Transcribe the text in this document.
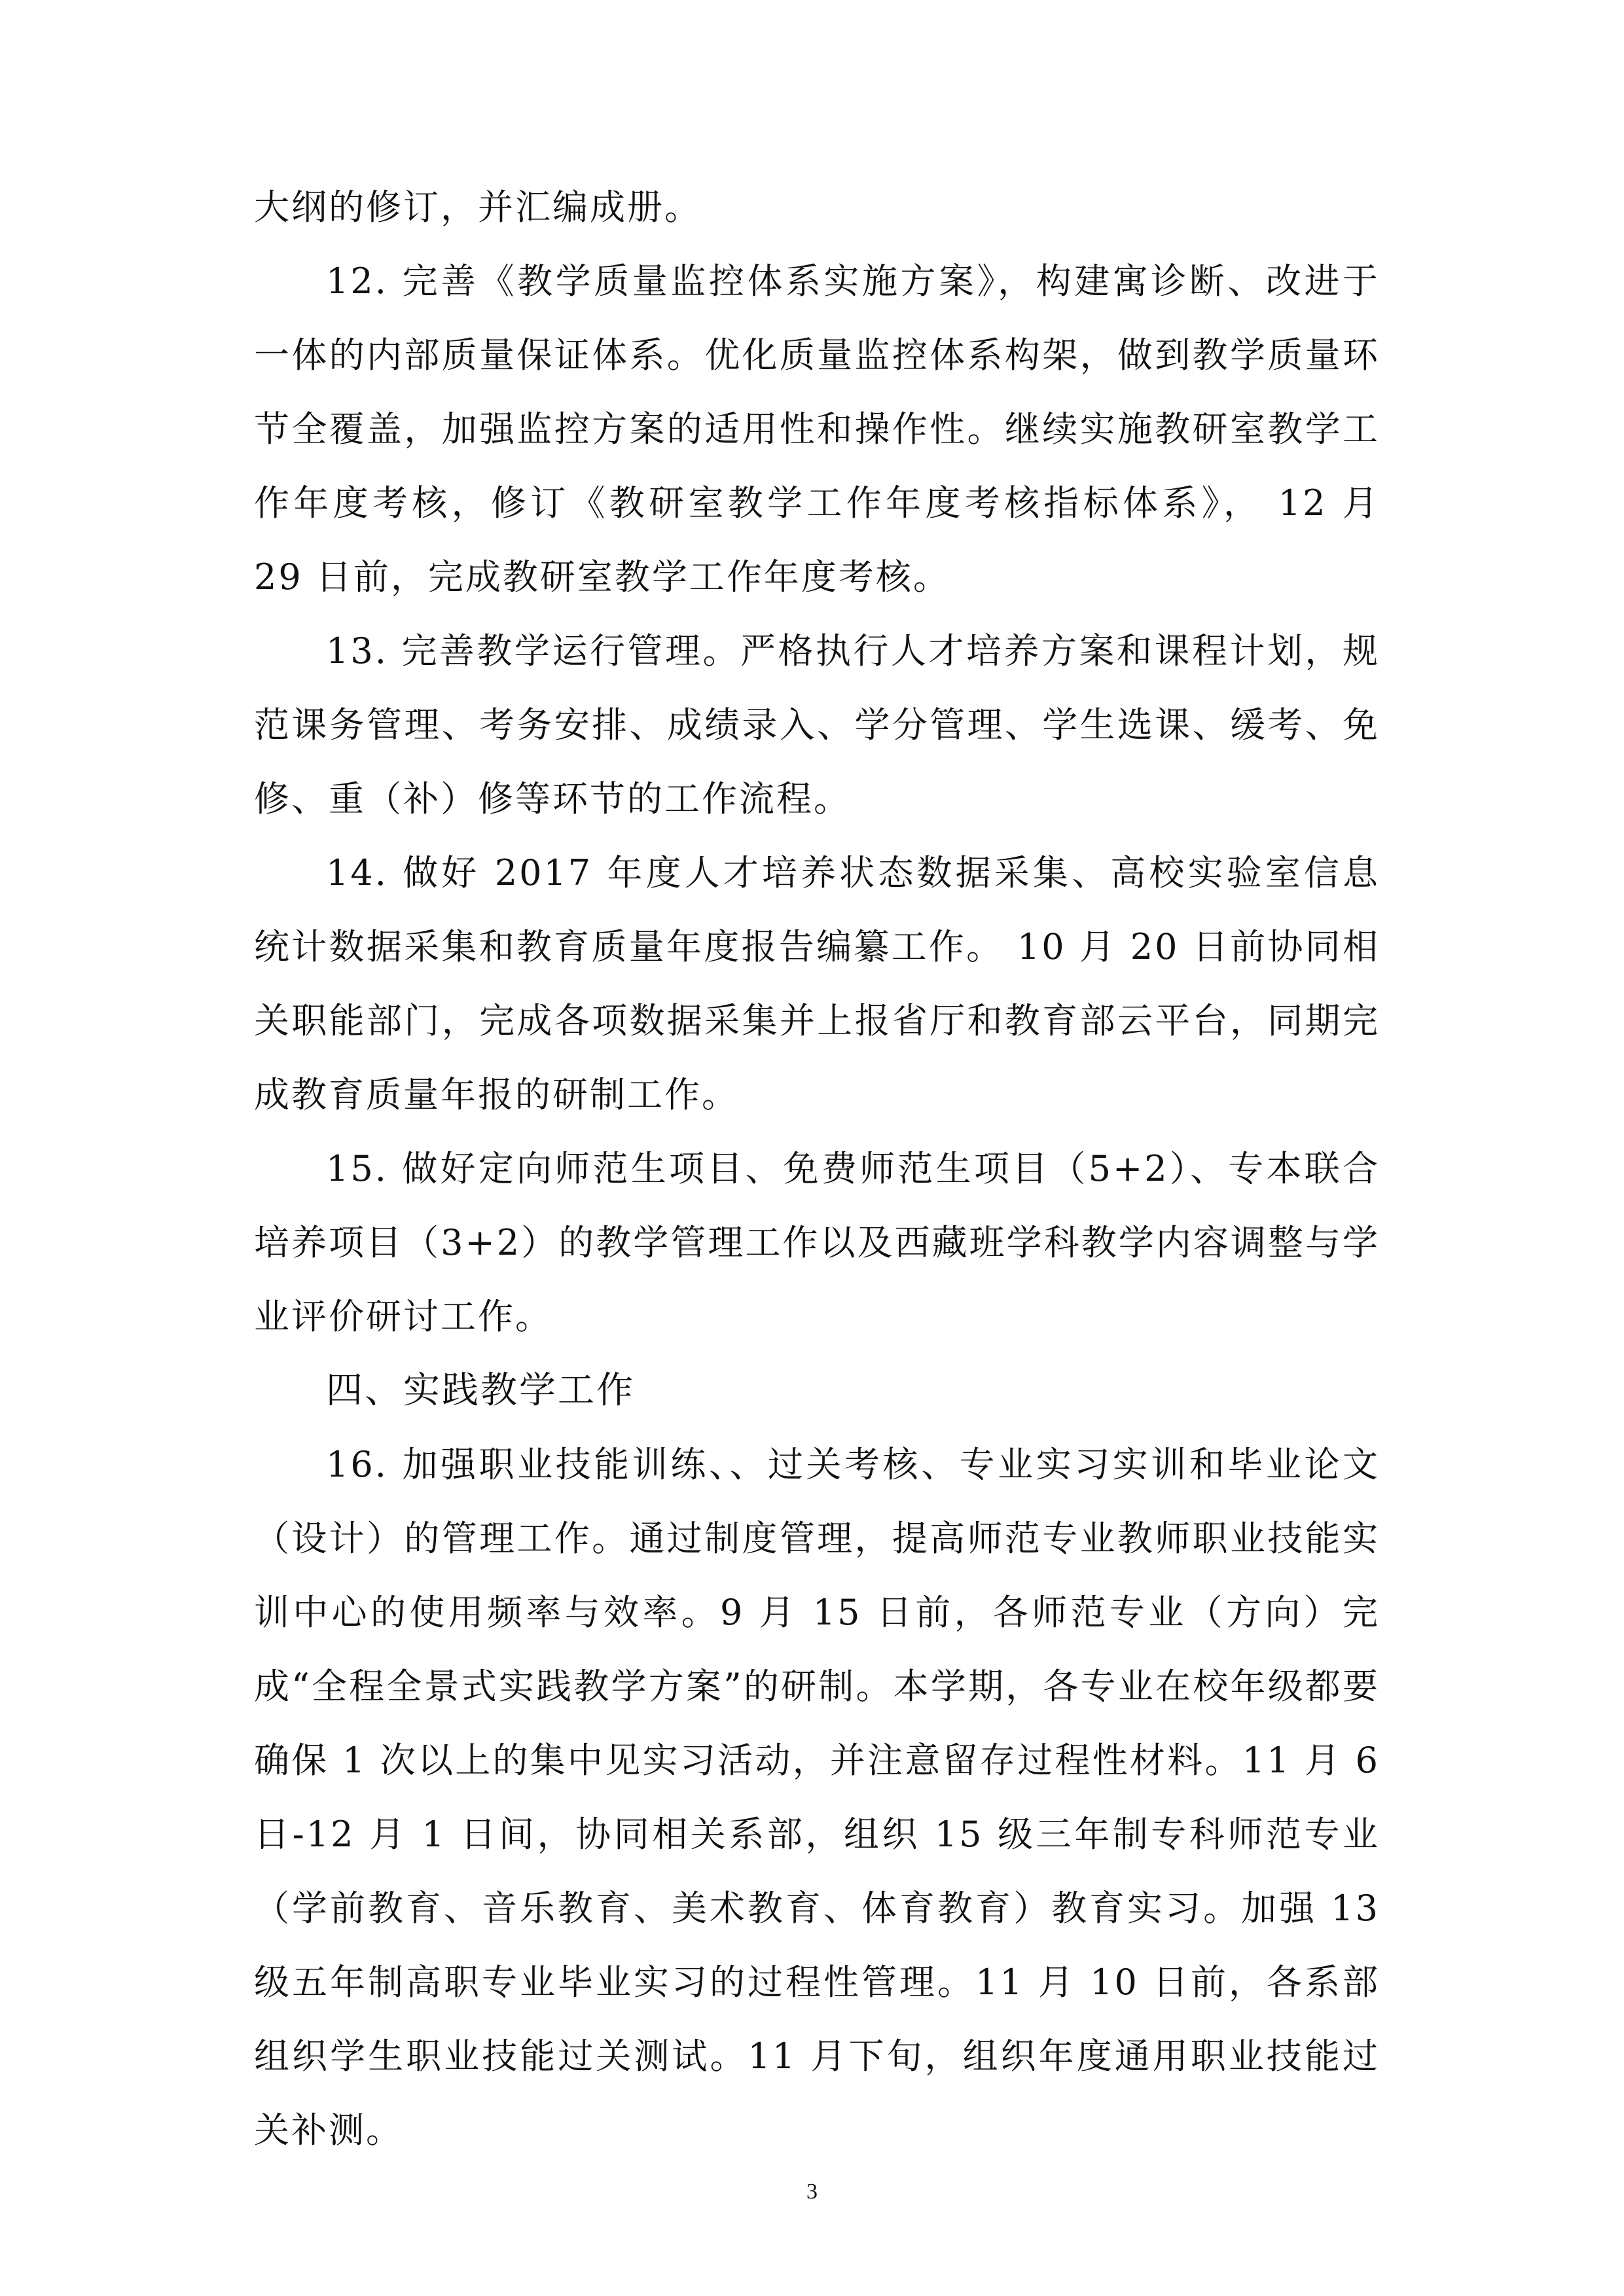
大纲的修订，并汇编成册。

12. 完善《教学质量监控体系实施方案》，构建寓诊断、改进于一体的内部质量保证体系。优化质量监控体系构架，做到教学质量环节全覆盖，加强监控方案的适用性和操作性。继续实施教研室教学工作年度考核，修订《教研室教学工作年度考核指标体系》， 12 月 29 日前，完成教研室教学工作年度考核。

13. 完善教学运行管理。严格执行人才培养方案和课程计划，规范课务管理、考务安排、成绩录入、学分管理、学生选课、缓考、免修、重（补）修等环节的工作流程。

14. 做好 2017 年度人才培养状态数据采集、高校实验室信息统计数据采集和教育质量年度报告编纂工作。 10 月 20 日前协同相关职能部门，完成各项数据采集并上报省厅和教育部云平台，同期完成教育质量年报的研制工作。

15. 做好定向师范生项目、免费师范生项目（5+2）、专本联合培养项目（3+2）的教学管理工作以及西藏班学科教学内容调整与学业评价研讨工作。

四、实践教学工作

16. 加强职业技能训练、、过关考核、专业实习实训和毕业论文（设计）的管理工作。通过制度管理，提高师范专业教师职业技能实训中心的使用频率与效率。9 月 15 日前，各师范专业（方向）完成“全程全景式实践教学方案”的研制。本学期，各专业在校年级都要确保 1 次以上的集中见实习活动，并注意留存过程性材料。11 月 6 日-12 月 1 日间，协同相关系部，组织 15 级三年制专科师范专业（学前教育、音乐教育、美术教育、体育教育）教育实习。加强 13 级五年制高职专业毕业实习的过程性管理。11 月 10 日前，各系部组织学生职业技能过关测试。11 月下旬，组织年度通用职业技能过关补测。

3
